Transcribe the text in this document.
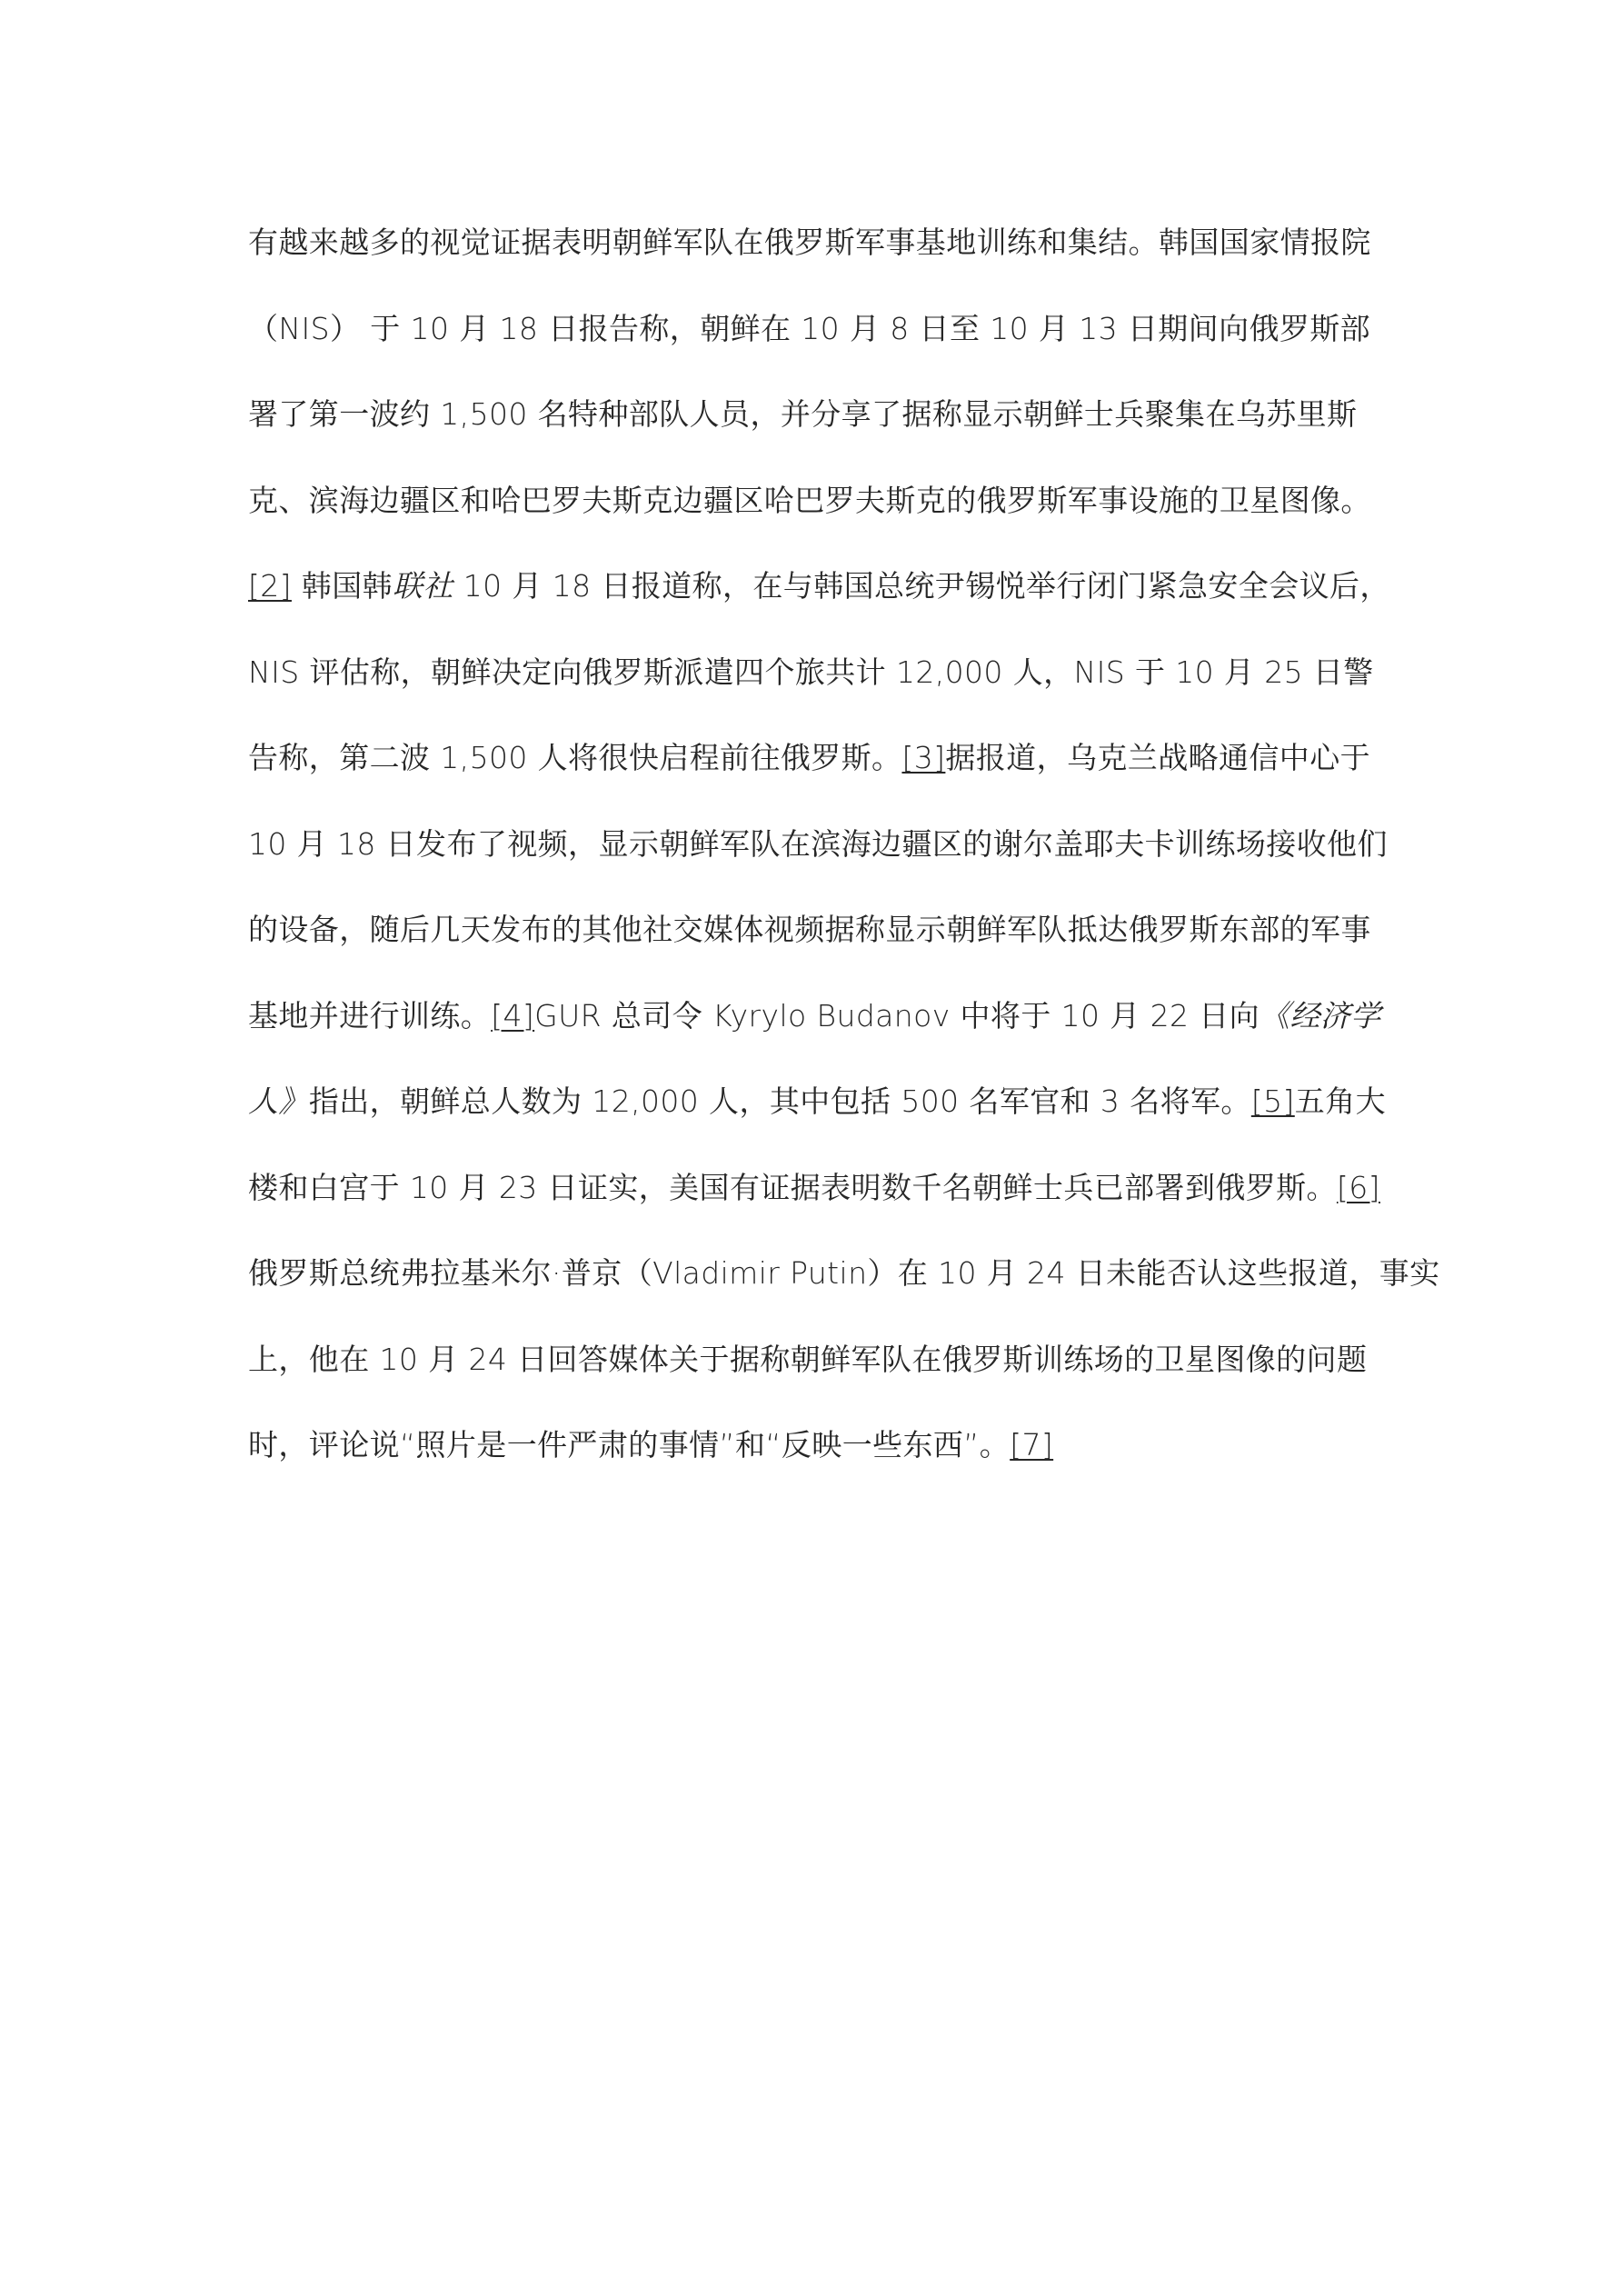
有越来越多的视觉证据表明朝鲜军队在俄罗斯军事基地训练和集结。韩国国家情报院
（NIS） 于 10 月 18 日报告称，朝鲜在 10 月 8 日至 10 月 13 日期间向俄罗斯部
署了第一波约 1,500 名特种部队人员，并分享了据称显示朝鲜士兵聚集在乌苏里斯
克、滨海边疆区和哈巴罗夫斯克边疆区哈巴罗夫斯克的俄罗斯军事设施的卫星图像。
[2] 韩国韩联社 10 月 18 日报道称，在与韩国总统尹锡悦举行闭门紧急安全会议后，
NIS 评估称，朝鲜决定向俄罗斯派遣四个旅共计 12,000 人，NIS 于 10 月 25 日警
告称，第二波 1,500 人将很快启程前往俄罗斯。[3]据报道，乌克兰战略通信中心于
10 月 18 日发布了视频，显示朝鲜军队在滨海边疆区的谢尔盖耶夫卡训练场接收他们
的设备，随后几天发布的其他社交媒体视频据称显示朝鲜军队抵达俄罗斯东部的军事
基地并进行训练。[4]GUR 总司令 Kyrylo Budanov 中将于 10 月 22 日向《经济学
人》指出，朝鲜总人数为 12,000 人，其中包括 500 名军官和 3 名将军。[5]五角大
楼和白宫于 10 月 23 日证实，美国有证据表明数千名朝鲜士兵已部署到俄罗斯。[6]
俄罗斯总统弗拉基米尔·普京（Vladimir Putin）在 10 月 24 日未能否认这些报道，事实
上，他在 10 月 24 日回答媒体关于据称朝鲜军队在俄罗斯训练场的卫星图像的问题
时，评论说“照片是一件严肃的事情”和“反映一些东西”。[7]
